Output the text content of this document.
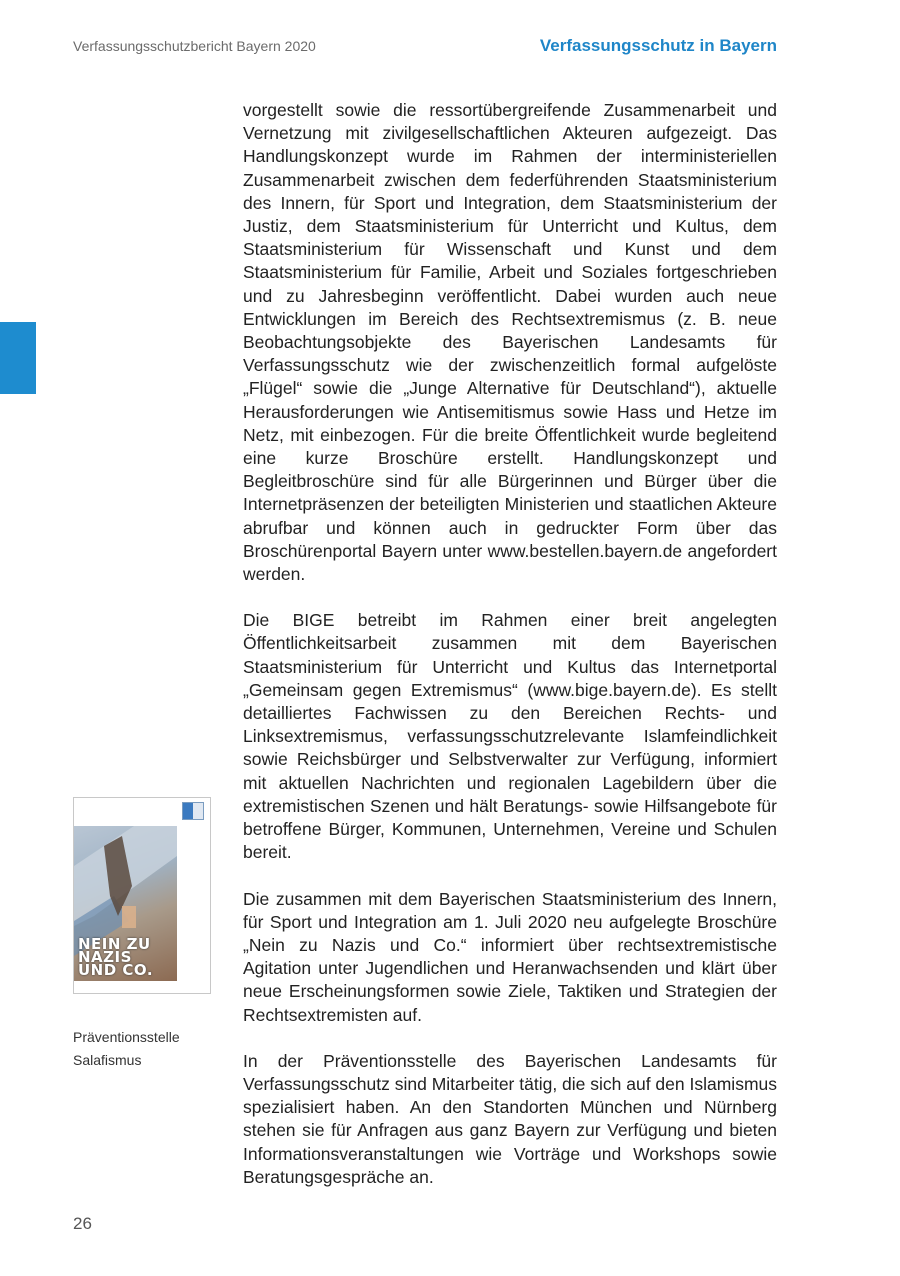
Verfassungsschutzbericht Bayern 2020	Verfassungsschutz in Bayern

vorgestellt sowie die ressortübergreifende Zusammenarbeit und Vernetzung mit zivilgesellschaftlichen Akteuren aufgezeigt. Das Handlungskonzept wurde im Rahmen der interministeriellen Zusammenarbeit zwischen dem federführenden Staatsministerium des Innern, für Sport und Integration, dem Staatsministerium der Justiz, dem Staatsministerium für Unterricht und Kultus, dem Staatsministerium für Wissenschaft und Kunst und dem Staatsministerium für Familie, Arbeit und Soziales fortgeschrieben und zu Jahresbeginn veröffentlicht. Dabei wurden auch neue Entwicklungen im Bereich des Rechtsextremismus (z. B. neue Beobachtungsobjekte des Bayerischen Landesamts für Verfassungsschutz wie der zwischenzeitlich formal aufgelöste „Flügel“ sowie die „Junge Alternative für Deutschland“), aktuelle Herausforderungen wie Antisemitismus sowie Hass und Hetze im Netz, mit einbezogen. Für die breite Öffentlichkeit wurde begleitend eine kurze Broschüre erstellt. Handlungskonzept und Begleitbroschüre sind für alle Bürgerinnen und Bürger über die Internetpräsenzen der beteiligten Ministerien und staatlichen Akteure abrufbar und können auch in gedruckter Form über das Broschürenportal Bayern unter www.bestellen.bayern.de angefordert werden.

Die BIGE betreibt im Rahmen einer breit angelegten Öffentlichkeitsarbeit zusammen mit dem Bayerischen Staatsministerium für Unterricht und Kultus das Internetportal „Gemeinsam gegen Extremismus“ (www.bige.bayern.de). Es stellt detailliertes Fachwissen zu den Bereichen Rechts- und Linksextremismus, verfassungsschutzrelevante Islamfeindlichkeit sowie Reichsbürger und Selbstverwalter zur Verfügung, informiert mit aktuellen Nachrichten und regionalen Lagebildern über die extremistischen Szenen und hält Beratungs- sowie Hilfsangebote für betroffene Bürger, Kommunen, Unternehmen, Vereine und Schulen bereit.

Die zusammen mit dem Bayerischen Staatsministerium des Innern, für Sport und Integration am 1. Juli 2020 neu aufgelegte Broschüre „Nein zu Nazis und Co.“ informiert über rechtsextremistische Agitation unter Jugendlichen und Heranwachsenden und klärt über neue Erscheinungsformen sowie Ziele, Taktiken und Strategien der Rechtsextremisten auf.

In der Präventionsstelle des Bayerischen Landesamts für Verfassungsschutz sind Mitarbeiter tätig, die sich auf den Islamismus spezialisiert haben. An den Standorten München und Nürnberg stehen sie für Anfragen aus ganz Bayern zur Verfügung und bieten Informationsveranstaltungen wie Vorträge und Workshops sowie Beratungsgespräche an.

NEIN ZU
NAZIS
UND CO.
Präventionsstelle
Salafismus
26
